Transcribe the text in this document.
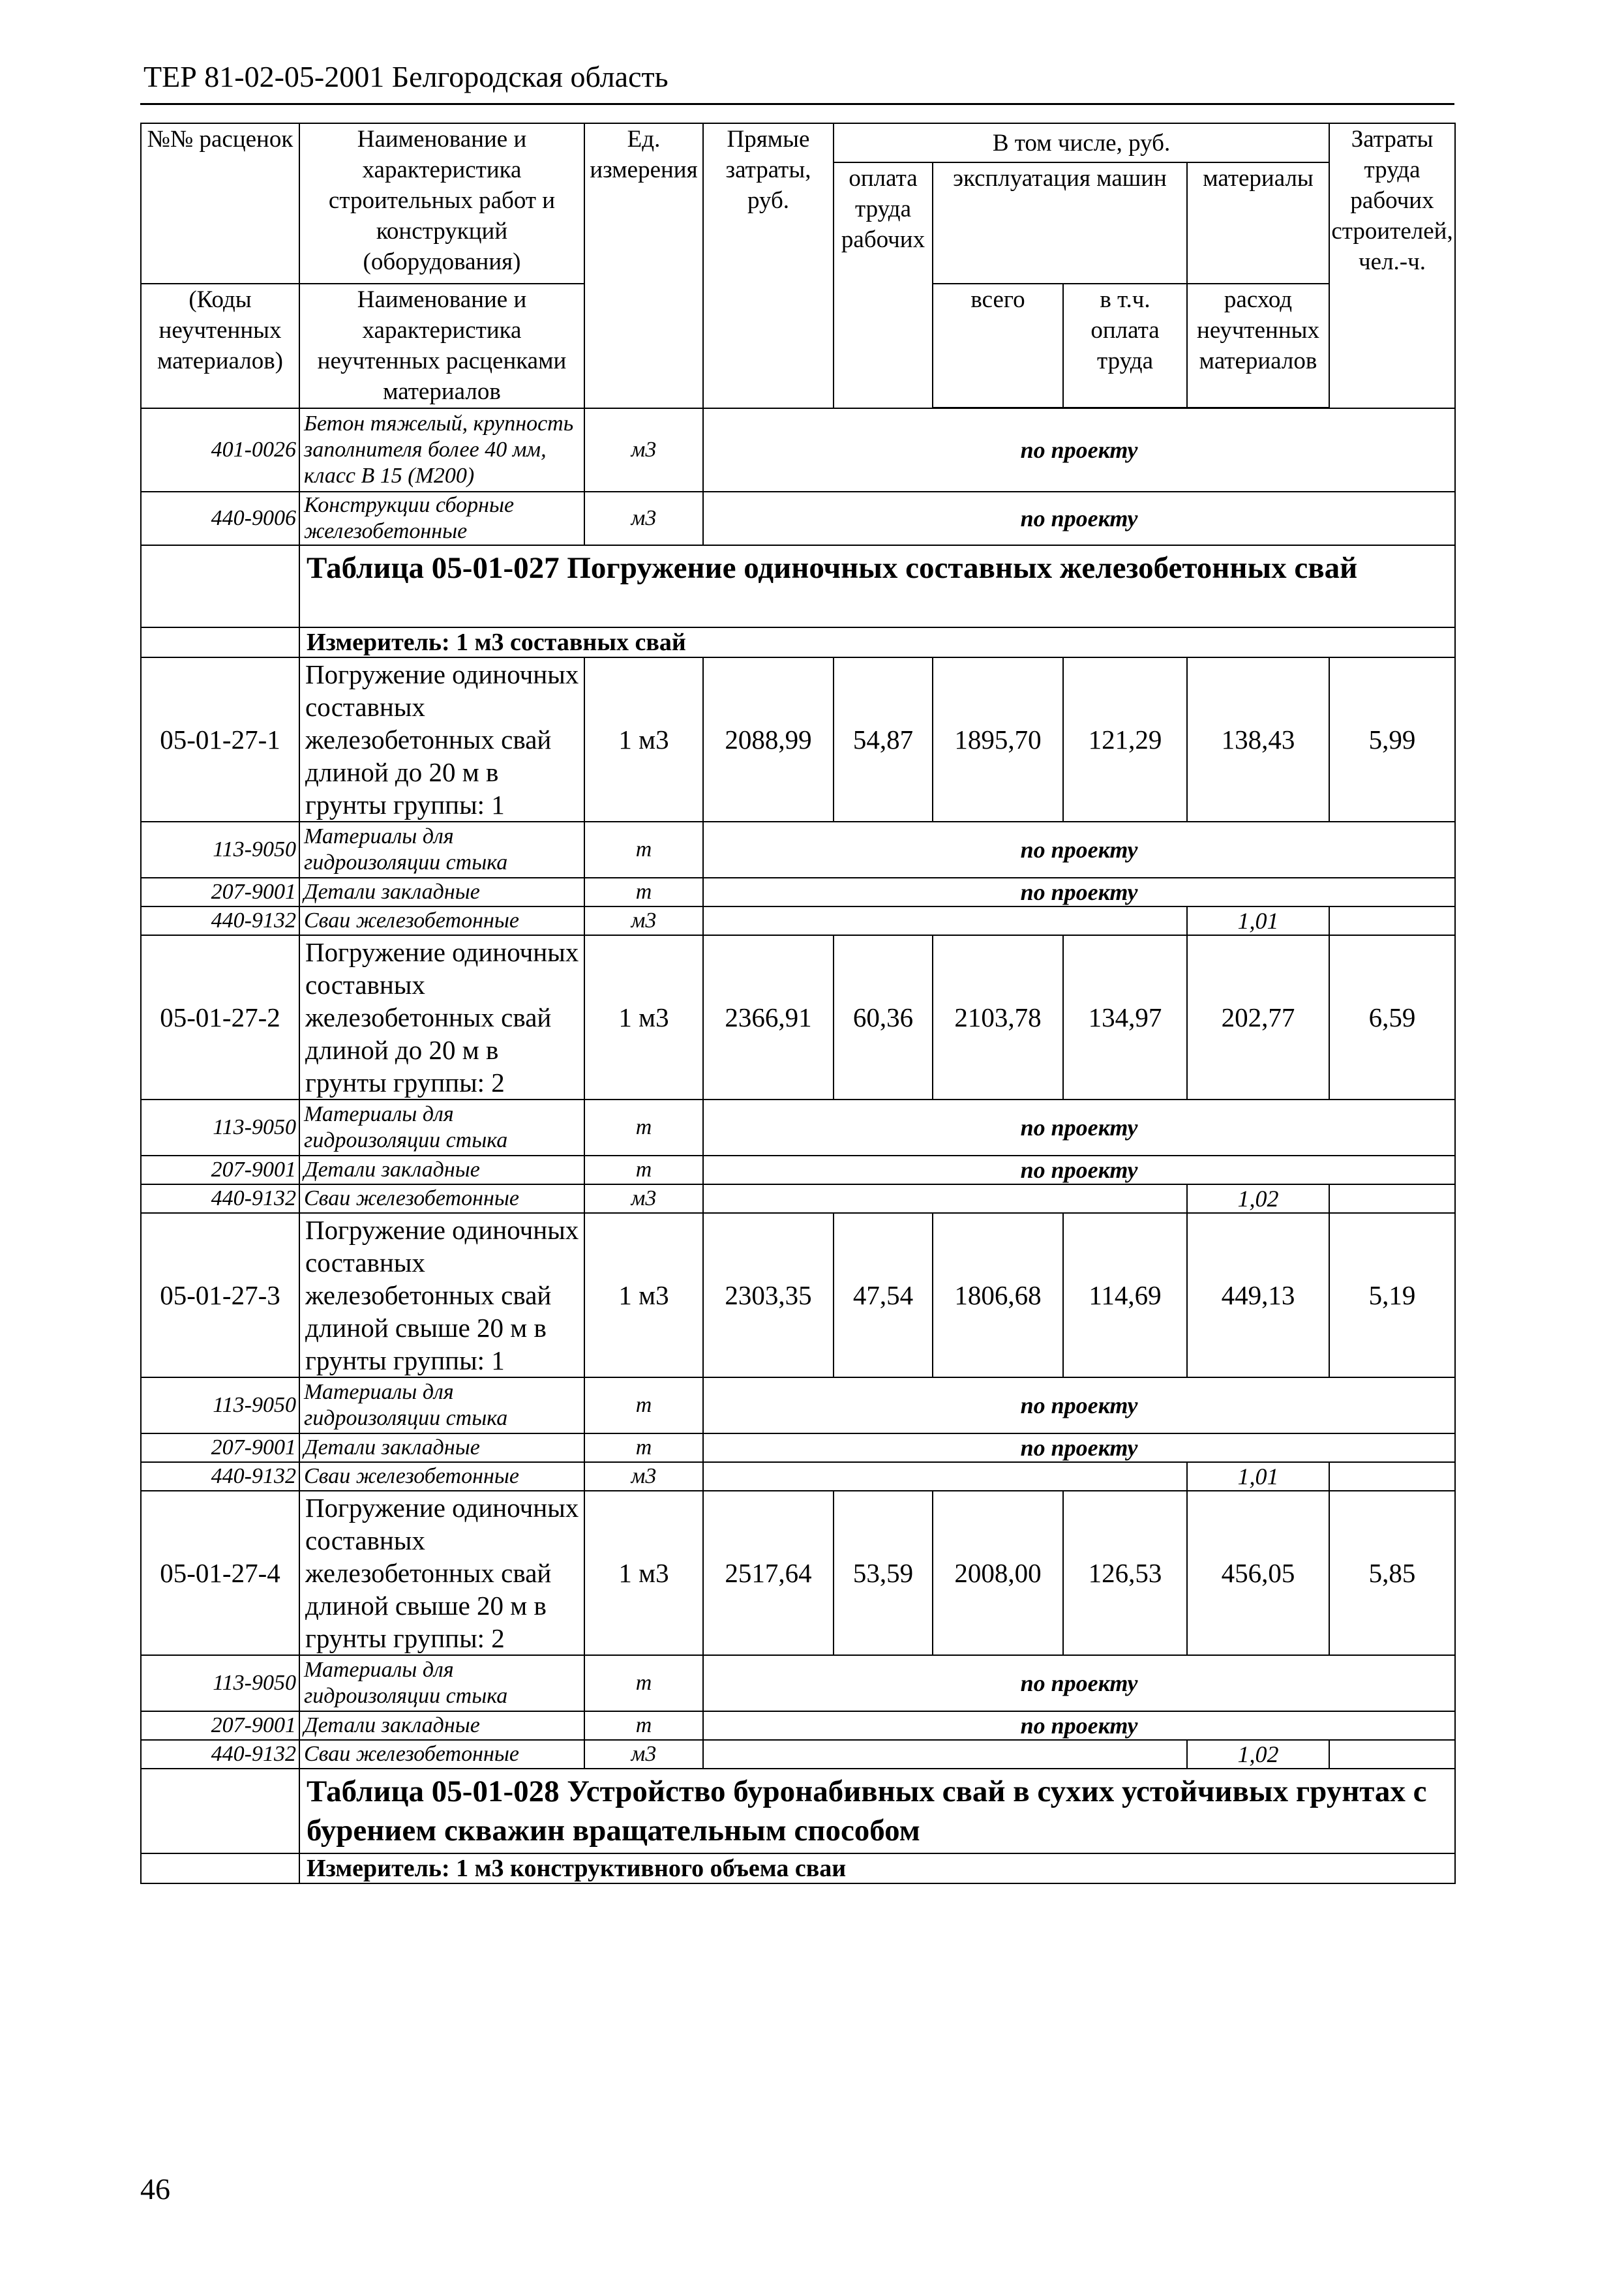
ТЕР 81-02-05-2001 Белгородская область
№№ расценок	Наименование и характеристика строительных работ и конструкций (оборудования)	Ед. измерения	Прямые затраты, руб.	В том числе, руб.				Затраты труда рабочих строителей, чел.-ч.
				оплата труда рабочих	эксплуатация машин		материалы	
(Коды неучтенных материалов)	Наименование и характеристика неучтенных расценками материалов				всего	в т.ч. оплата труда	расход неучтенных материалов	

401-0026	Бетон тяжелый, крупность заполнителя более 40 мм, класс В 15 (М200)	м3	по проекту					
440-9006	Конструкции сборные железобетонные	м3	по проекту					
	Таблица 05-01-027 Погружение одиночных составных железобетонных свай							
	Измеритель: 1 м3 составных свай							
05-01-27-1	Погружение одиночных составных железобетонных свай длиной до 20 м в грунты группы: 1	1 м3	2088,99	54,87	1895,70	121,29	138,43	5,99
113-9050	Материалы для гидроизоляции стыка	т	по проекту					
207-9001	Детали закладные	т	по проекту					
440-9132	Сваи железобетонные	м3					1,01	
05-01-27-2	Погружение одиночных составных железобетонных свай длиной до 20 м в грунты группы: 2	1 м3	2366,91	60,36	2103,78	134,97	202,77	6,59
113-9050	Материалы для гидроизоляции стыка	т	по проекту					
207-9001	Детали закладные	т	по проекту					
440-9132	Сваи железобетонные	м3					1,02	
05-01-27-3	Погружение одиночных составных железобетонных свай длиной свыше 20 м в грунты группы: 1	1 м3	2303,35	47,54	1806,68	114,69	449,13	5,19
113-9050	Материалы для гидроизоляции стыка	т	по проекту					
207-9001	Детали закладные	т	по проекту					
440-9132	Сваи железобетонные	м3					1,01	
05-01-27-4	Погружение одиночных составных железобетонных свай длиной свыше 20 м в грунты группы: 2	1 м3	2517,64	53,59	2008,00	126,53	456,05	5,85
113-9050	Материалы для гидроизоляции стыка	т	по проекту					
207-9001	Детали закладные	т	по проекту					
440-9132	Сваи железобетонные	м3					1,02	
	Таблица 05-01-028 Устройство буронабивных свай в сухих устойчивых грунтах с бурением скважин вращательным способом							
	Измеритель: 1 м3 конструктивного объема сваи							
46
